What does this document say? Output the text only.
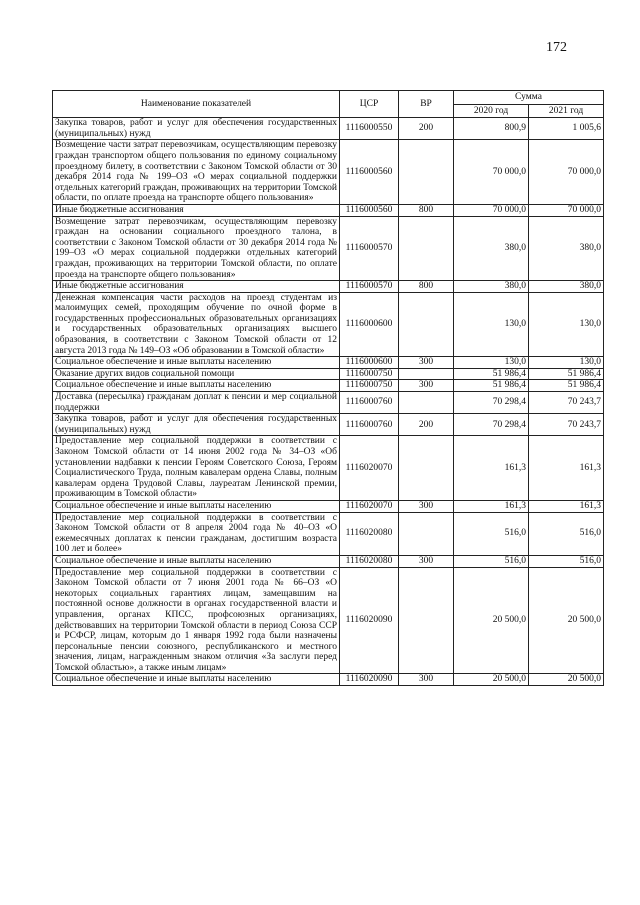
172
Наименование показателей	ЦСР	ВР	Сумма	
			2020 год	2021 год
Закупка товаров, работ и услуг для обеспечения государственных (муниципальных) нужд	1116000550	200	800,9	1 005,6
Возмещение части затрат перевозчикам, осуществляющим перевозку граждан транспортом общего пользования по единому социальному проездному билету, в соответствии с Законом Томской области от 30 декабря 2014 года № 199–ОЗ «О мерах социальной поддержки отдельных категорий граждан, проживающих на территории Томской области, по оплате проезда на транспорте общего пользования»	1116000560		70 000,0	70 000,0
Иные бюджетные ассигнования	1116000560	800	70 000,0	70 000,0
Возмещение затрат перевозчикам, осуществляющим перевозку граждан на основании социального проездного талона, в соответствии с Законом Томской области от 30 декабря 2014 года № 199–ОЗ «О мерах социальной поддержки отдельных категорий граждан, проживающих на территории Томской области, по оплате проезда на транспорте общего пользования»	1116000570		380,0	380,0
Иные бюджетные ассигнования	1116000570	800	380,0	380,0
Денежная компенсация части расходов на проезд студентам из малоимущих семей, проходящим обучение по очной форме в государственных профессиональных образовательных организациях и государственных образовательных организациях высшего образования, в соответствии с Законом Томской области от 12 августа 2013 года № 149–ОЗ «Об образовании в Томской области»	1116000600		130,0	130,0
Социальное обеспечение и иные выплаты населению	1116000600	300	130,0	130,0
Оказание других видов социальной помощи	1116000750		51 986,4	51 986,4
Социальное обеспечение и иные выплаты населению	1116000750	300	51 986,4	51 986,4
Доставка (пересылка) гражданам доплат к пенсии и мер социальной поддержки	1116000760		70 298,4	70 243,7
Закупка товаров, работ и услуг для обеспечения государственных (муниципальных) нужд	1116000760	200	70 298,4	70 243,7
Предоставление мер социальной поддержки в соответствии с Законом Томской области от 14 июня 2002 года № 34–ОЗ «Об установлении надбавки к пенсии Героям Советского Союза, Героям Социалистического Труда, полным кавалерам ордена Славы, полным кавалерам ордена Трудовой Славы, лауреатам Ленинской премии, проживающим в Томской области»	1116020070		161,3	161,3
Социальное обеспечение и иные выплаты населению	1116020070	300	161,3	161,3
Предоставление мер социальной поддержки в соответствии с Законом Томской области от 8 апреля 2004 года № 40–ОЗ «О ежемесячных доплатах к пенсии гражданам, достигшим возраста 100 лет и более»	1116020080		516,0	516,0
Социальное обеспечение и иные выплаты населению	1116020080	300	516,0	516,0
Предоставление мер социальной поддержки в соответствии с Законом Томской области от 7 июня 2001 года № 66–ОЗ «О некоторых социальных гарантиях лицам, замещавшим на постоянной основе должности в органах государственной власти и управления, органах КПСС, профсоюзных организациях, действовавших на территории Томской области в период Союза ССР и РСФСР, лицам, которым до 1 января 1992 года были назначены персональные пенсии союзного, республиканского и местного значения, лицам, награжденным знаком отличия «За заслуги перед Томской областью», а также иным лицам»	1116020090		20 500,0	20 500,0
Социальное обеспечение и иные выплаты населению	1116020090	300	20 500,0	20 500,0
